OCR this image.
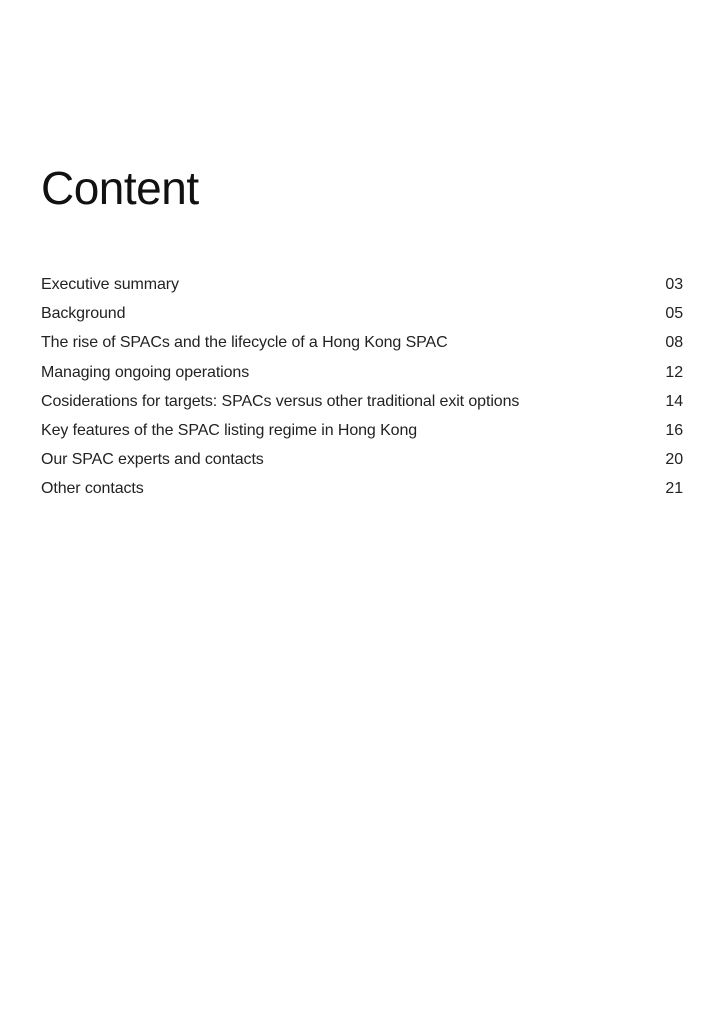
Content
Executive summary	03
Background	05
The rise of SPACs and the lifecycle of a Hong Kong SPAC	08
Managing ongoing operations	12
Cosiderations for targets: SPACs versus other traditional exit options	14
Key features of the SPAC listing regime in Hong Kong	16
Our SPAC experts and contacts	20
Other contacts	21
